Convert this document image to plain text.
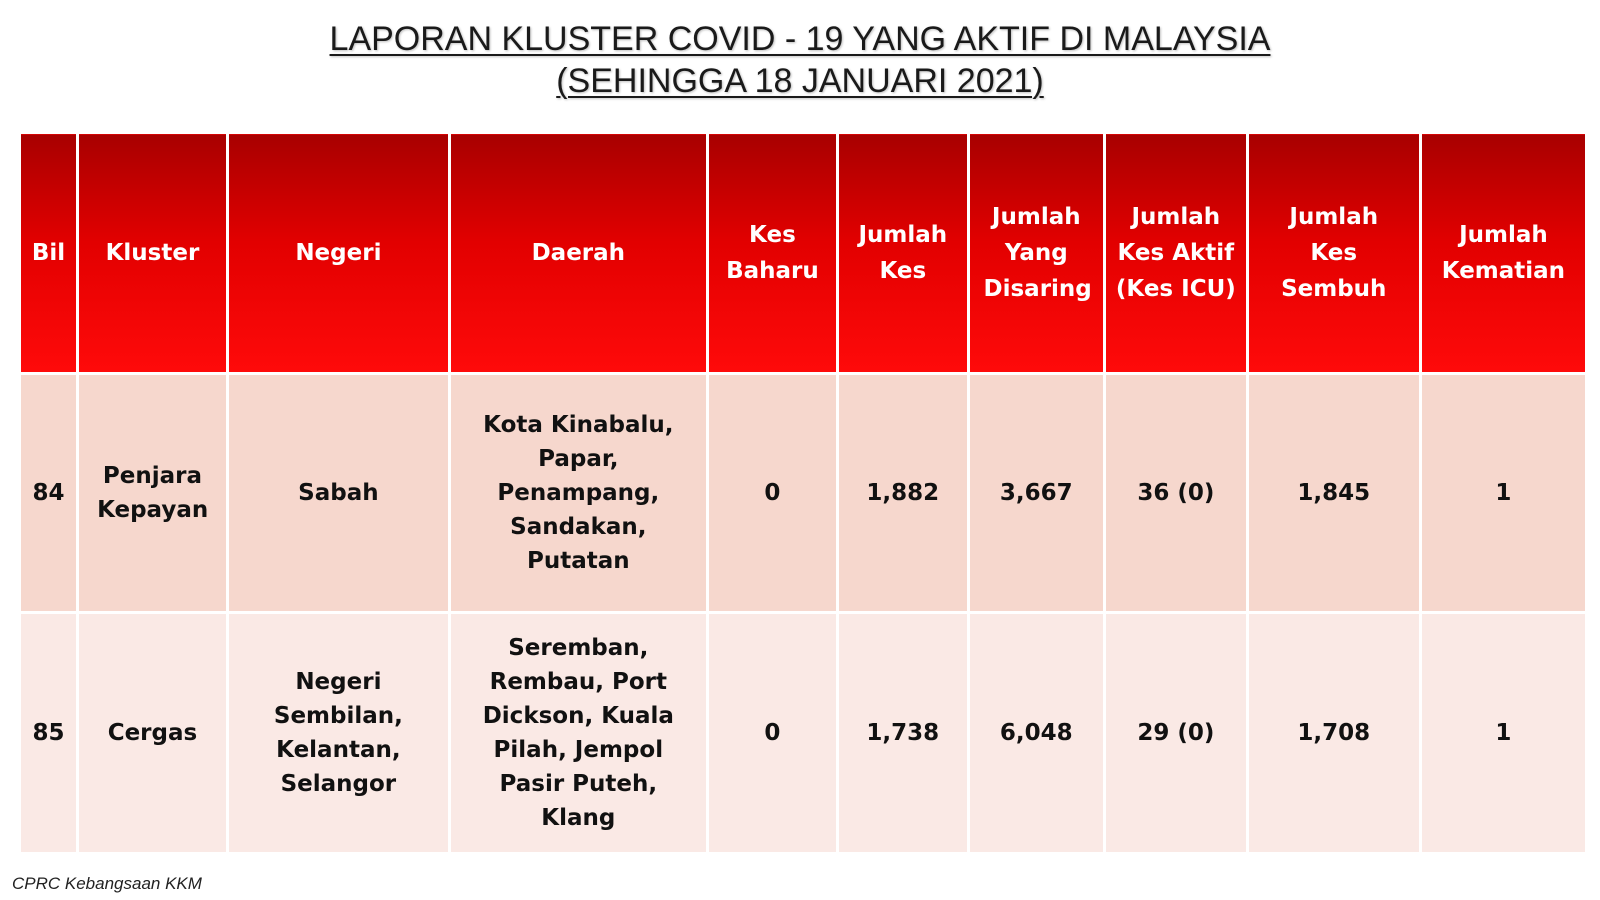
LAPORAN KLUSTER COVID - 19 YANG AKTIF DI MALAYSIA
(SEHINGGA 18 JANUARI 2021)
Bil	Kluster	Negeri	Daerah	Kes Baharu	Jumlah Kes	Jumlah Yang Disaring	Jumlah Kes Aktif (Kes ICU)	Jumlah Kes Sembuh	Jumlah Kematian
84	Penjara Kepayan	Sabah	Kota Kinabalu, Papar, Penampang, Sandakan, Putatan	0	1,882	3,667	36 (0)	1,845	1
85	Cergas	Negeri Sembilan, Kelantan, Selangor	Seremban, Rembau, Port Dickson, Kuala Pilah, Jempol Pasir Puteh, Klang	0	1,738	6,048	29 (0)	1,708	1
CPRC Kebangsaan KKM
